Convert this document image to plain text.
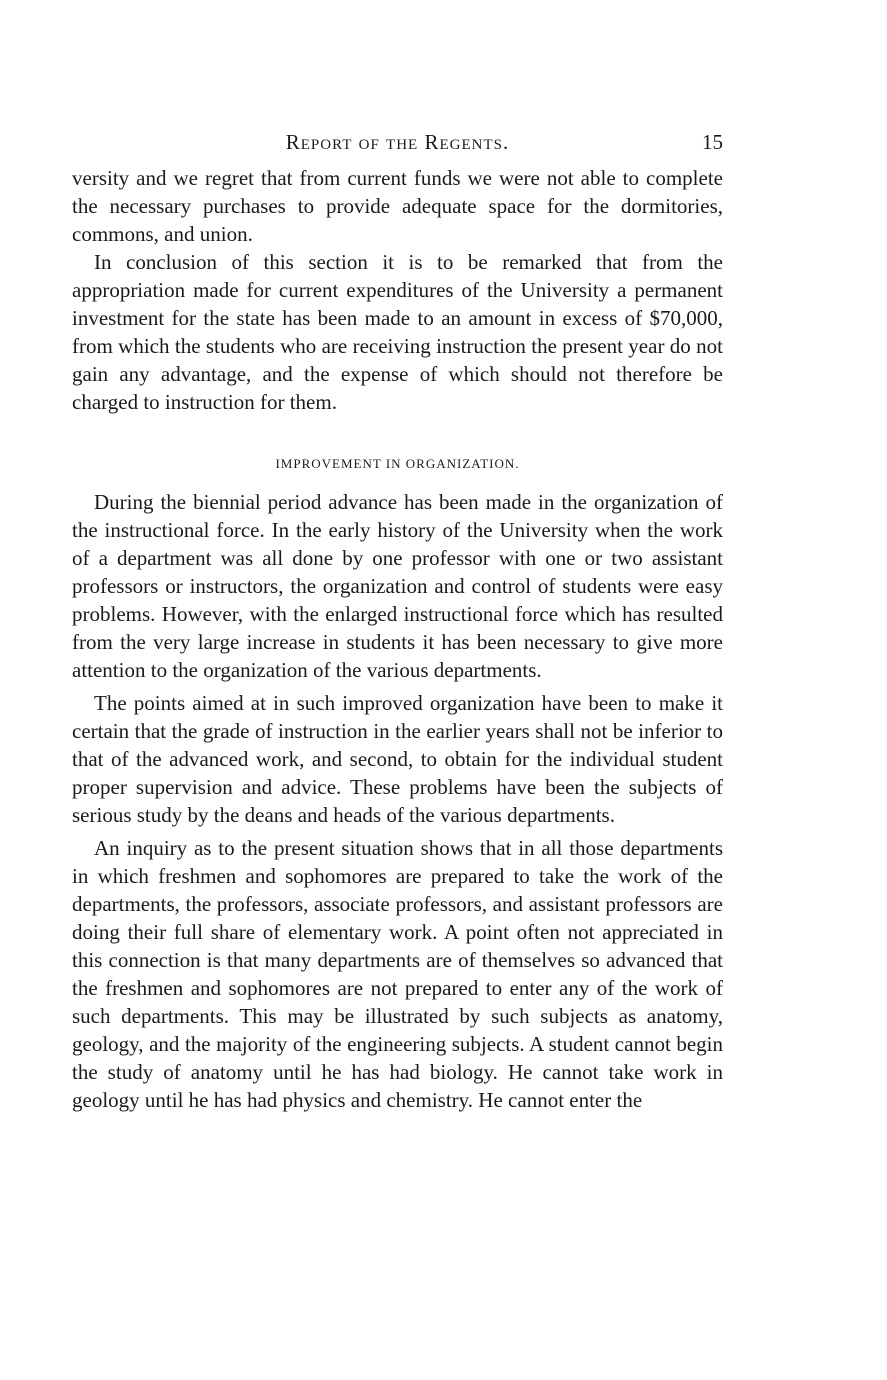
Report of the Regents.	15

versity and we regret that from current funds we were not able to complete the necessary purchases to provide adequate space for the dormitories, commons, and union.

In conclusion of this section it is to be remarked that from the appropriation made for current expenditures of the University a permanent investment for the state has been made to an amount in excess of $70,000, from which the students who are receiving instruction the present year do not gain any advantage, and the expense of which should not therefore be charged to instruction for them.

IMPROVEMENT IN ORGANIZATION.

During the biennial period advance has been made in the organization of the instructional force. In the early history of the University when the work of a department was all done by one professor with one or two assistant professors or instructors, the organization and control of students were easy problems. However, with the enlarged instructional force which has resulted from the very large increase in students it has been necessary to give more attention to the organization of the various departments.

The points aimed at in such improved organization have been to make it certain that the grade of instruction in the earlier years shall not be inferior to that of the advanced work, and second, to obtain for the individual student proper supervision and advice. These problems have been the subjects of serious study by the deans and heads of the various departments.

An inquiry as to the present situation shows that in all those departments in which freshmen and sophomores are prepared to take the work of the departments, the professors, associate professors, and assistant professors are doing their full share of elementary work. A point often not appreciated in this connection is that many departments are of themselves so advanced that the freshmen and sophomores are not prepared to enter any of the work of such departments. This may be illustrated by such subjects as anatomy, geology, and the majority of the engineering subjects. A student cannot begin the study of anatomy until he has had biology. He cannot take work in geology until he has had physics and chemistry. He cannot enter the
